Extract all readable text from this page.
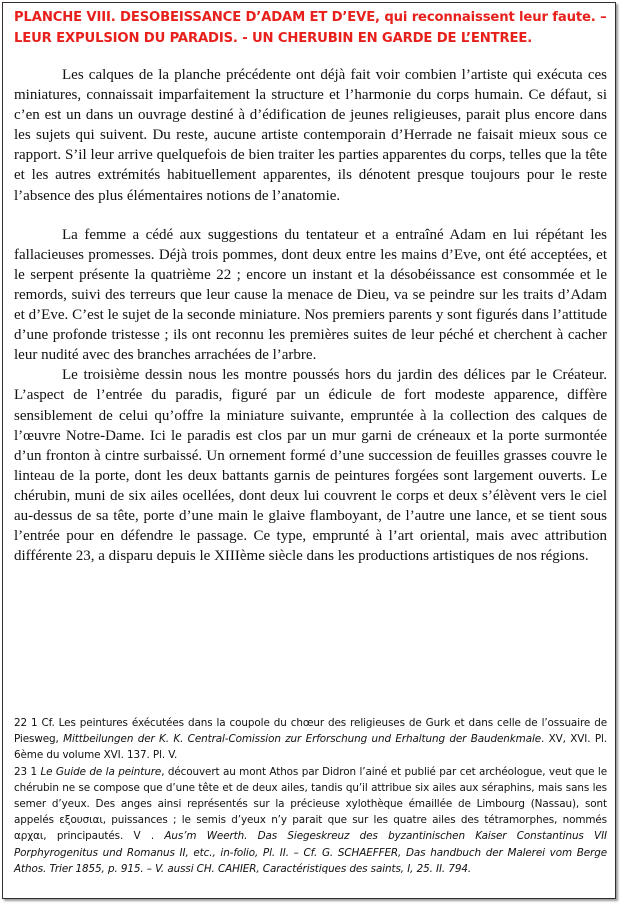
PLANCHE VIII. DESOBEISSANCE D’ADAM ET D’EVE, qui reconnaissent leur faute. – LEUR EXPULSION DU PARADIS. - UN CHERUBIN EN GARDE DE L’ENTREE.

Les calques de la planche précédente ont déjà fait voir combien l’artiste qui exécuta ces miniatures, connaissait imparfaitement la structure et l’harmonie du corps humain. Ce défaut, si c’en est un dans un ouvrage destiné à d’édification de jeunes religieuses, parait plus encore dans les sujets qui suivent. Du reste, aucune artiste contemporain d’Herrade ne faisait mieux sous ce rapport. S’il leur arrive quelquefois de bien traiter les parties apparentes du corps, telles que la tête et les autres extrémités habituellement apparentes, ils dénotent presque toujours pour le reste l’absence des plus élémentaires notions de l’anatomie.

La femme a cédé aux suggestions du tentateur et a entraîné Adam en lui répétant les fallacieuses promesses. Déjà trois pommes, dont deux entre les mains d’Eve, ont été acceptées, et le serpent présente la quatrième 22 ; encore un instant et la désobéissance est consommée et le remords, suivi des terreurs que leur cause la menace de Dieu, va se peindre sur les traits d’Adam et d’Eve. C’est le sujet de la seconde miniature. Nos premiers parents y sont figurés dans l’attitude d’une profonde tristesse ; ils ont reconnu les premières suites de leur péché et cherchent à cacher leur nudité avec des branches arrachées de l’arbre.

Le troisième dessin nous les montre poussés hors du jardin des délices par le Créateur. L’aspect de l’entrée du paradis, figuré par un édicule de fort modeste apparence, diffère sensiblement de celui qu’offre la miniature suivante, empruntée à la collection des calques de l’œuvre Notre-Dame. Ici le paradis est clos par un mur garni de créneaux et la porte surmontée d’un fronton à cintre surbaissé. Un ornement formé d’une succession de feuilles grasses couvre le linteau de la porte, dont les deux battants garnis de peintures forgées sont largement ouverts. Le chérubin, muni de six ailes ocellées, dont deux lui couvrent le corps et deux s’élèvent vers le ciel au-dessus de sa tête, porte d’une main le glaive flamboyant, de l’autre une lance, et se tient sous l’entrée pour en défendre le passage. Ce type, emprunté à l’art oriental, mais avec attribution différente 23, a disparu depuis le XIIIème siècle dans les productions artistiques de nos régions.

22 1 Cf. Les peintures éxécutées dans la coupole du chœur des religieuses de Gurk et dans celle de l’ossuaire de Piesweg, Mittbeilungen der K. K. Central-Comission zur Erforschung und Erhaltung der Baudenkmale. XV, XVI. Pl. 6ème du volume XVI. 137. Pl. V.

23 1 Le Guide de la peinture, découvert au mont Athos par Didron l’ainé et publié par cet archéologue, veut que le chérubin ne se compose que d’une tête et de deux ailes, tandis qu’il attribue six ailes aux séraphins, mais sans les semer d’yeux. Des anges ainsi représentés sur la précieuse xylothèque émaillée de Limbourg (Nassau), sont appelés εξουσιαι, puissances ; le semis d’yeux n’y parait que sur les quatre ailes des tétramorphes, nommés αρχαι, principautés. V . Aus’m Weerth. Das Siegeskreuz des byzantinischen Kaiser Constantinus VII Porphyrogenitus und Romanus II, etc., in-folio, Pl. II. – Cf. G. SCHAEFFER, Das handbuch der Malerei vom Berge Athos. Trier 1855, p. 915. – V. aussi CH. CAHIER, Caractéristiques des saints, I, 25. II. 794.
